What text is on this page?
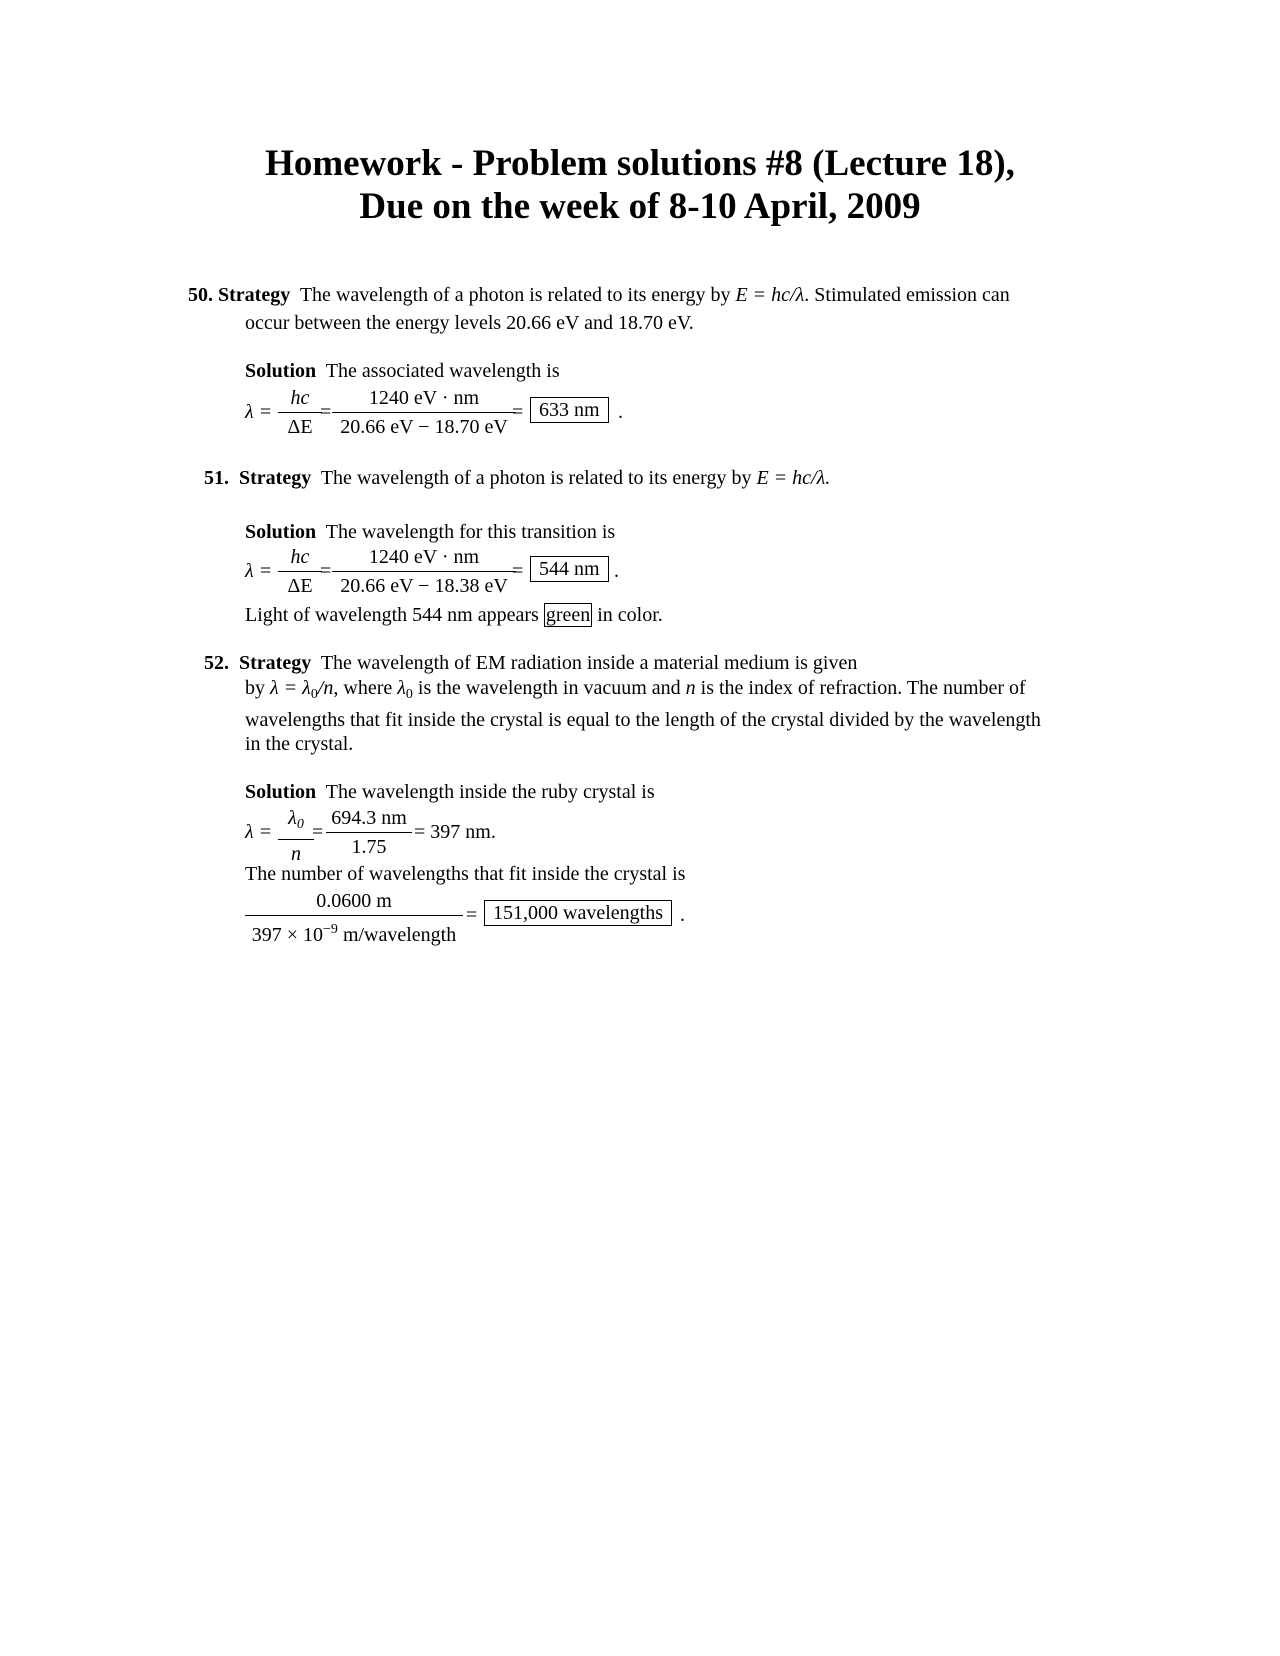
Homework - Problem solutions #8 (Lecture 18),
Due on the week of 8-10 April, 2009
50. Strategy The wavelength of a photon is related to its energy by E = hc/λ. Stimulated emission can
occur between the energy levels 20.66 eV and 18.70 eV.
Solution The associated wavelength is
$\lambda = \frac{hc}{\Delta E}$
= $\frac{1240 eV \cdot nm}{20.66 eV - 18.70 eV}$
= 633 nm .
51. Strategy The wavelength of a photon is related to its energy by E = hc/λ.
Solution The wavelength for this transition is
$\lambda = \frac{hc}{\Delta E}$
= $\frac{1240 eV \cdot nm}{20.66 eV - 18.38 eV}$
= 544 nm .
Light of wavelength 544 nm appears green in color.
52. Strategy The wavelength of EM radiation inside a material medium is given
by $\lambda = \lambda_0/n$, where $\lambda_0$ is the wavelength in vacuum and n is the index of refraction. The number of
wavelengths that fit inside the crystal is equal to the length of the crystal divided by the wavelength
in the crystal.
Solution The wavelength inside the ruby crystal is
$\lambda = \frac{\lambda_0}{n}$
= $\frac{694.3 nm}{1.75} = 397$ nm.
The number of wavelengths that fit inside the crystal is
0.0600 m
$397 \times 10^{-9}$ m/wavelength
= 151,000 wavelengths .
